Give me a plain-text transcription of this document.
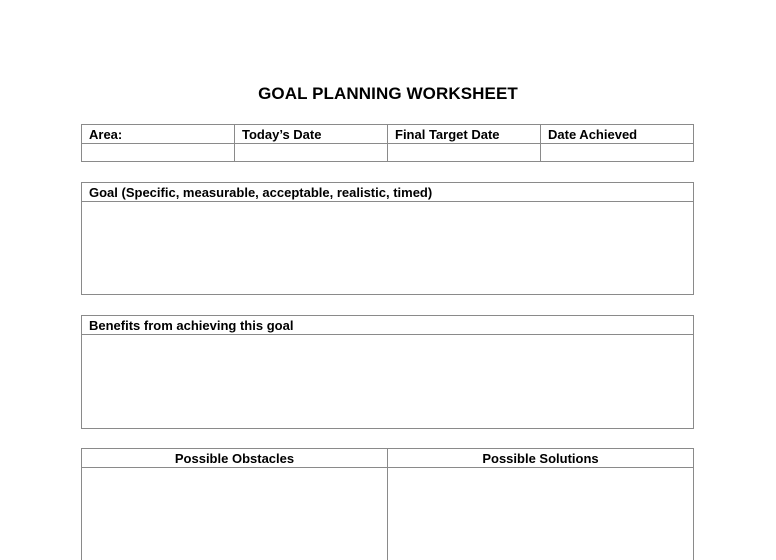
GOAL PLANNING WORKSHEET
Area:	Today’s Date	Final Target Date	Date Achieved

Goal (Specific, measurable, acceptable, realistic, timed)

Benefits from achieving this goal

Possible Obstacles	Possible Solutions
